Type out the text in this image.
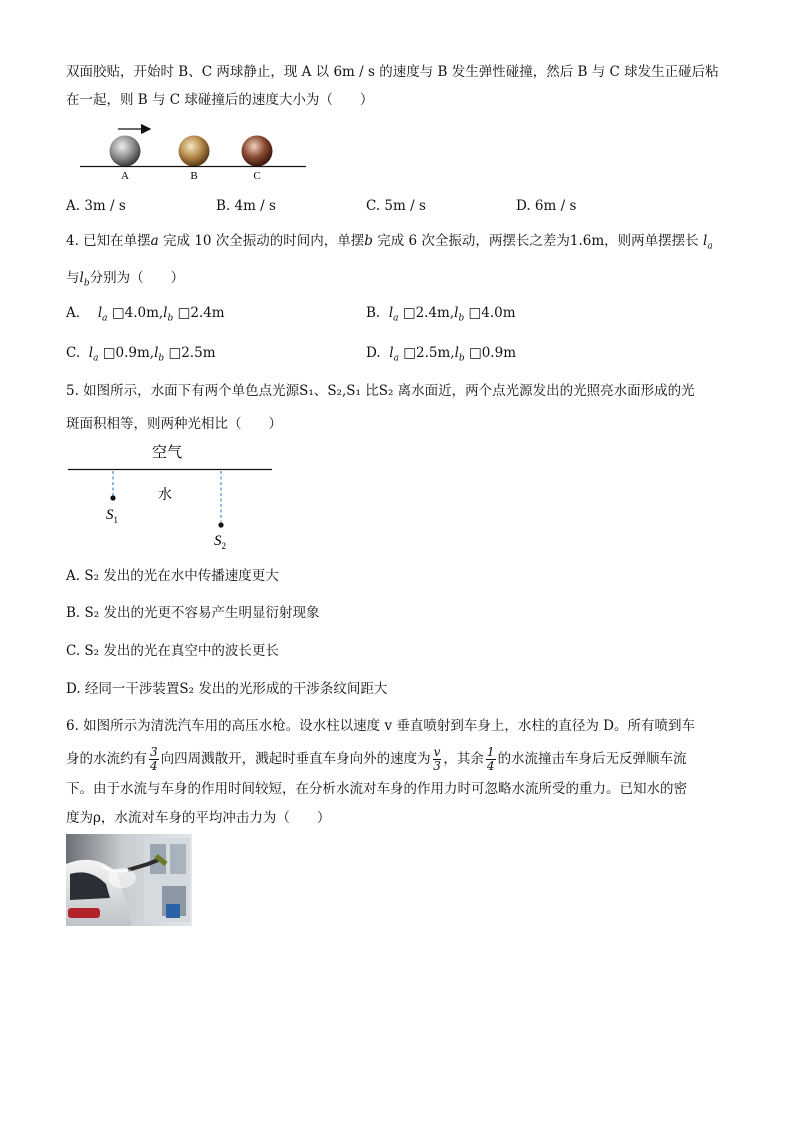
双面胶贴，开始时 B、C 两球静止，现 A 以 6m / s 的速度与 B 发生弹性碰撞，然后 B 与 C 球发生正碰后粘
在一起，则 B 与 C 球碰撞后的速度大小为（　　）
A	B	C
A. 3m / s	B. 4m / s	C. 5m / s	D. 6m / s
4. 已知在单摆a 完成 10 次全振动的时间内，单摆b 完成 6 次全振动，两摆长之差为1.6m，则两单摆摆长 $l_a$
与$l_b$分别为（　　）
A． $l_a$ $□4.0m,l_b$ □2.4m	B. $l_a$ $□2.4m,l_b$ □4.0m
C. $l_a$ $□0.9m,l_b$ □2.5m	D. $l_a$ $□2.5m,l_b$ □0.9m
5. 如图所示，水面下有两个单色点光源S₁、S₂,S₁ 比S₂ 离水面近，两个点光源发出的光照亮水面形成的光
斑面积相等，则两种光相比（　　）
空气
水
$S_1$
$S_2$
A. S₂ 发出的光在水中传播速度更大
B. S₂ 发出的光更不容易产生明显衍射现象
C. S₂ 发出的光在真空中的波长更长
D. 经同一干涉装置S₂ 发出的光形成的干涉条纹间距大
6. 如图所示为清洗汽车用的高压水枪。设水柱以速度 v 垂直喷射到车身上，水柱的直径为 D。所有喷到车
身的水流约有 $\frac{3}{4}$ 向四周溅散开，溅起时垂直车身向外的速度为 $\frac{v}{3}$ ，其余 $\frac{1}{4}$ 的水流撞击车身后无反弹顺车流
下。由于水流与车身的作用时间较短，在分析水流对车身的作用力时可忽略水流所受的重力。已知水的密
度为ρ，水流对车身的平均冲击力为（　　）
